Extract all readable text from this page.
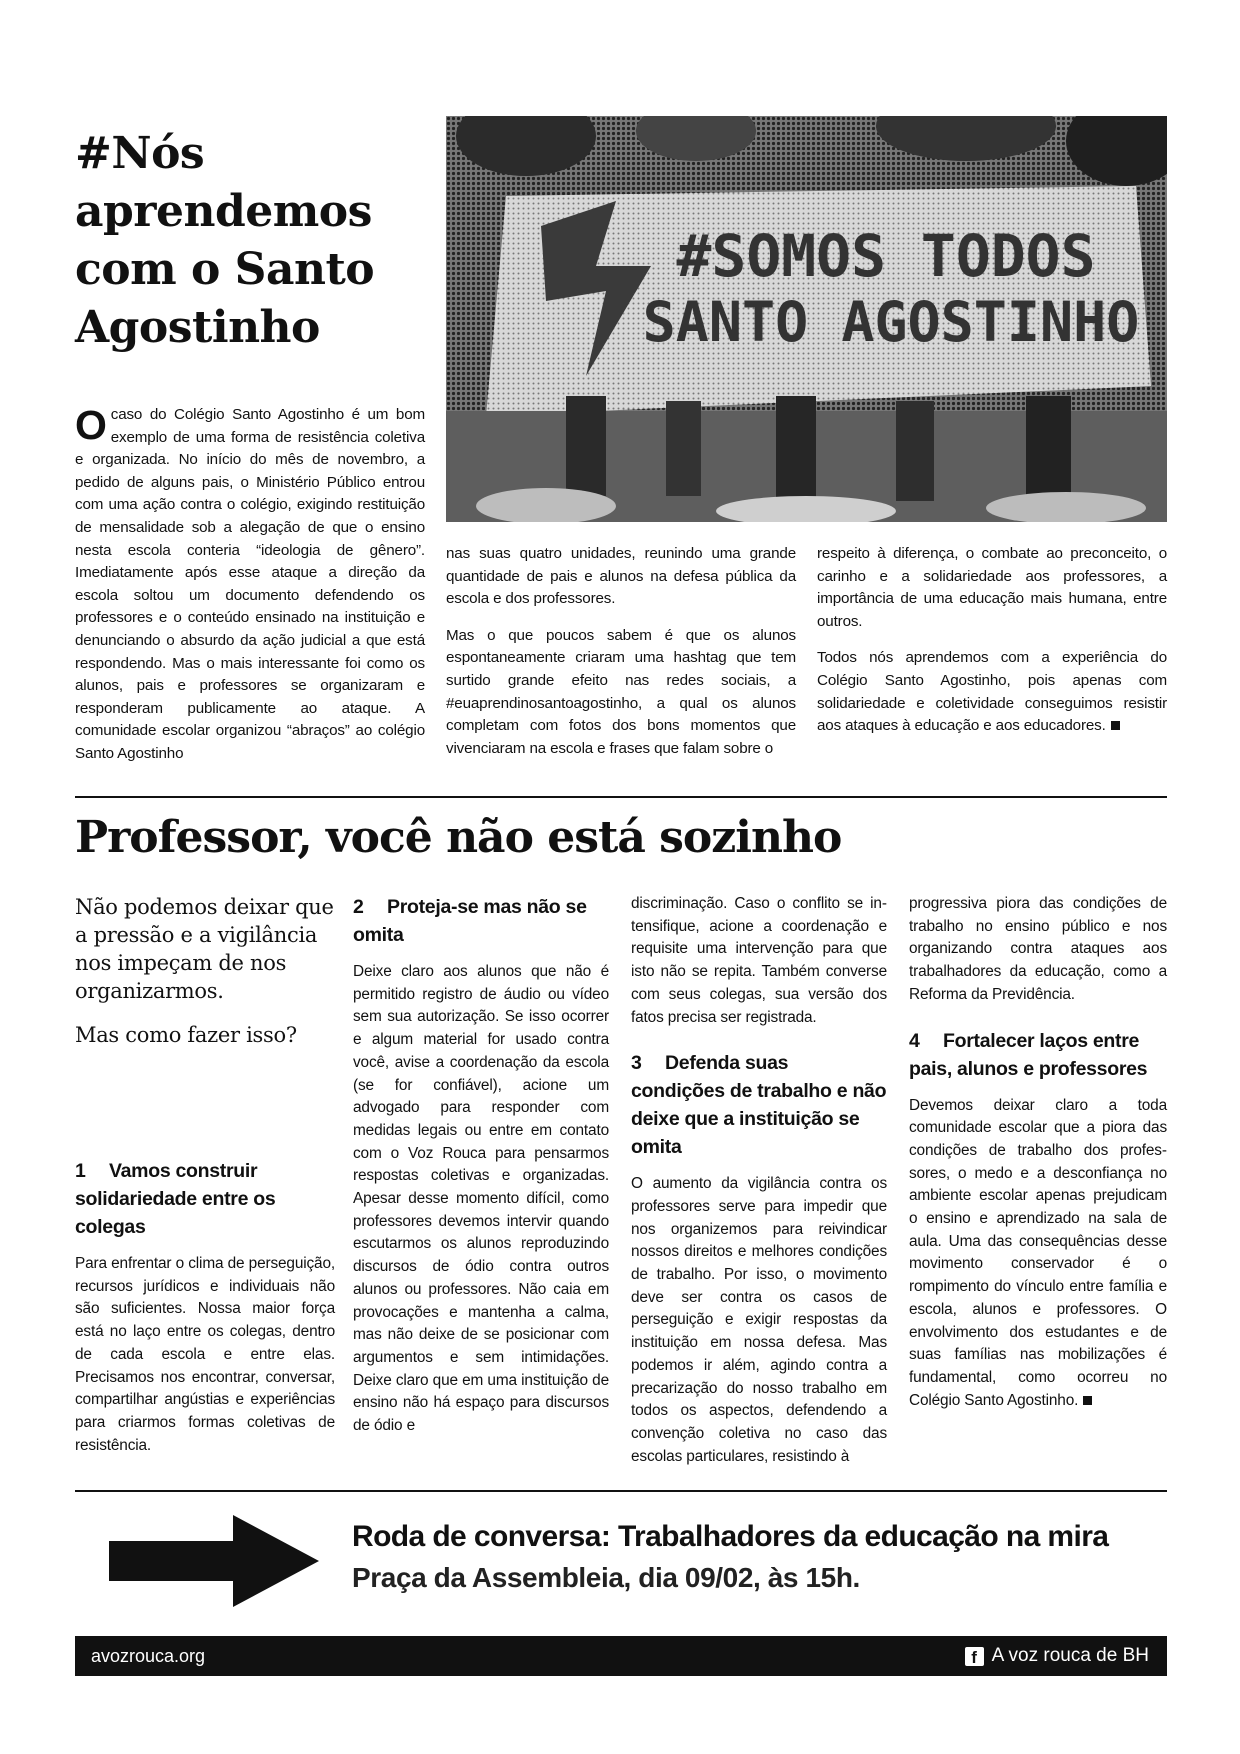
#Nós aprendemos com o Santo Agostinho
#SOMOS TODOS
SANTO AGOSTINHO

Ocaso do Colégio Santo Agostinho é um bom exemplo de uma forma de resistência coletiva e organizada. No início do mês de novembro, a pedido de alguns pais, o Ministério Público entrou com uma ação contra o colégio, exigindo restituição de mensalidade sob a alegação de que o ensino nesta escola conteria “ideologia de gênero”. Imediatamente após esse ataque a direção da escola soltou um documento defendendo os professores e o conteúdo ensinado na instituição e denunciando o absurdo da ação judicial a que está respondendo. Mas o mais interessante foi como os alunos, pais e professores se organizaram e responderam publicamente ao ataque. A comunidade escolar organizou “abraços” ao colégio Santo Agostinho

nas suas quatro unidades, reunindo uma grande quantidade de pais e alunos na defesa pública da escola e dos professores.

Mas o que poucos sabem é que os alunos espontaneamente criaram uma hashtag que tem surtido grande efeito nas redes sociais, a #euaprendinosantoagostinho, a qual os alunos completam com fotos dos bons momentos que vivenciaram na escola e frases que falam sobre o

respeito à diferença, o combate ao preconceito, o carinho e a solidariedade aos professores, a importância de uma educação mais humana, entre outros.

Todos nós aprendemos com a experiência do Colégio Santo Agostinho, pois apenas com solidariedade e coletividade conseguimos resistir aos ataques à educação e aos educadores.

Professor, você não está sozinho

Não podemos deixar que a pressão e a vigilância nos impeçam de nos organizarmos.

Mas como fazer isso?

1 Vamos construir solidariedade entre os colegas

Para enfrentar o clima de perseguição, recursos jurídicos e individuais não são suficientes. Nossa maior força está no laço entre os colegas, dentro de cada escola e entre elas. Precisamos nos encontrar, conversar, compartilhar angústias e experiências para criarmos formas coletivas de resistência.

2 Proteja-se mas não se omita

Deixe claro aos alunos que não é permitido registro de áudio ou vídeo sem sua autorização. Se isso ocorrer e algum material for usado contra você, avise a coordenação da escola (se for confiável), acione um advogado para responder com medidas legais ou entre em contato com o Voz Rouca para pensarmos respostas coletivas e organizadas. Apesar desse momento difícil, como professores devemos intervir quando escutarmos os alunos reproduzindo discursos de ódio contra outros alunos ou professores. Não caia em provocações e mantenha a calma, mas não deixe de se posicionar com argumentos e sem intimidações. Deixe claro que em uma instituição de ensino não há espaço para discursos de ódio e

discriminação. Caso o conflito se intensifique, acione a coordenação e requisite uma intervenção para que isto não se repita. Também converse com seus colegas, sua versão dos fatos precisa ser registrada.

3 Defenda suas condições de trabalho e não deixe que a instituição se omita

O aumento da vigilância contra os professores serve para impedir que nos organizemos para reivindicar nossos direitos e melhores condições de trabalho. Por isso, o movimento deve ser contra os casos de perseguição e exigir respostas da instituição em nossa defesa. Mas podemos ir além, agindo contra a precarização do nosso trabalho em todos os aspectos, defendendo a convenção coletiva no caso das escolas particulares, resistindo à

progressiva piora das condições de trabalho no ensino público e nos organizando contra ataques aos trabalhadores da educação, como a Reforma da Previdência.

4 Fortalecer laços entre pais, alunos e professores

Devemos deixar claro a toda comunidade escolar que a piora das condições de trabalho dos professores, o medo e a desconfiança no ambiente escolar apenas prejudicam o ensino e aprendizado na sala de aula. Uma das consequências desse movimento conservador é o rompimento do vínculo entre família e escola, alunos e professores. O envolvimento dos estudantes e de suas famílias nas mobilizações é fundamental, como ocorreu no Colégio Santo Agostinho.

Roda de conversa: Trabalhadores da educação na mira

Praça da Assembleia, dia 09/02, às 15h.

avozrouca.org	f A voz rouca de BH
